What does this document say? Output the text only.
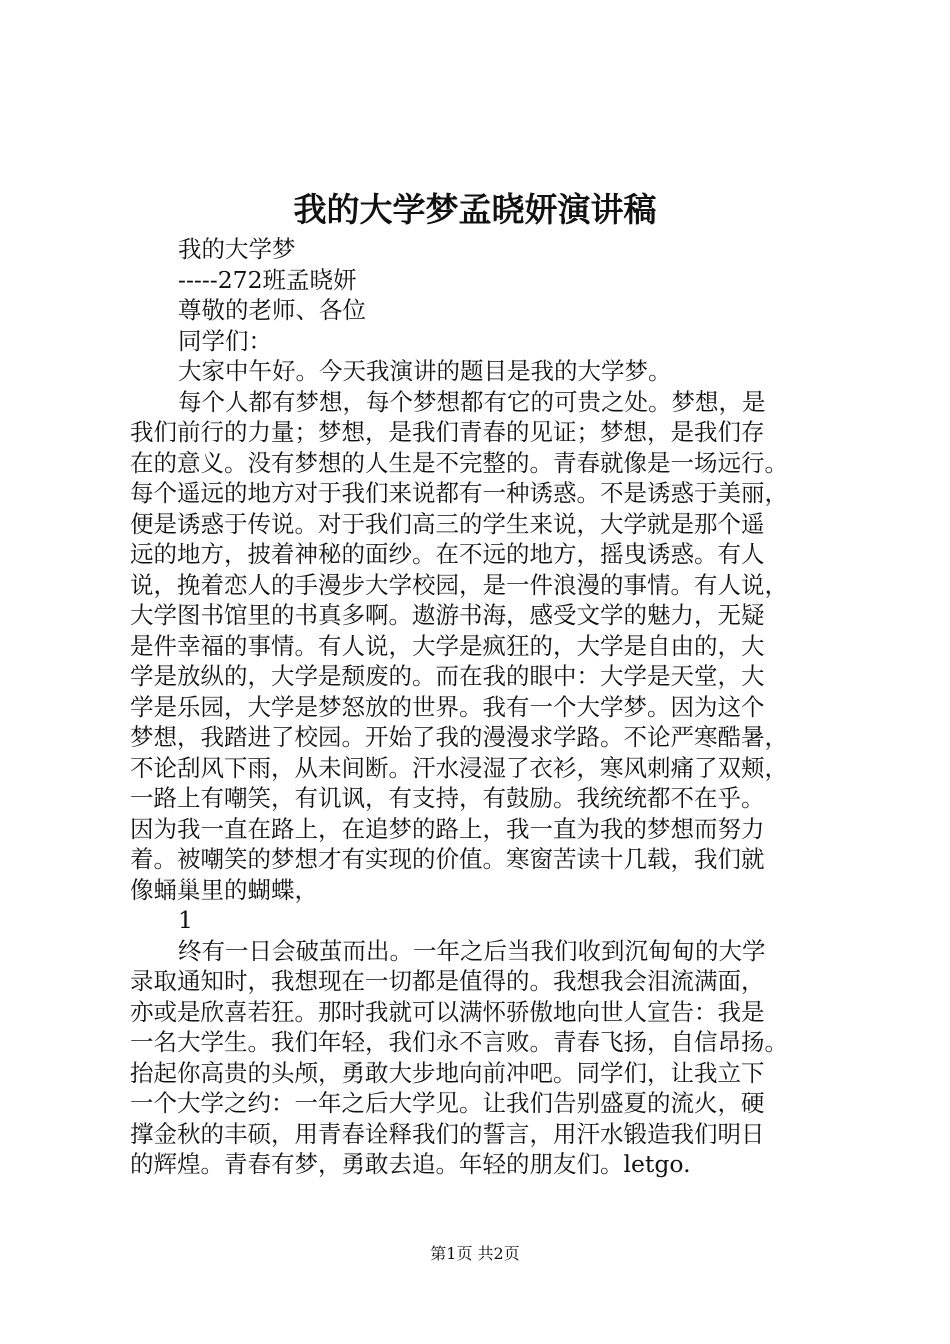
我的大学梦孟晓妍演讲稿
我的大学梦
-----272班孟晓妍
尊敬的老师、各位
同学们：
大家中午好。今天我演讲的题目是我的大学梦。
每个人都有梦想，每个梦想都有它的可贵之处。梦想，是
我们前行的力量；梦想，是我们青春的见证；梦想，是我们存
在的意义。没有梦想的人生是不完整的。青春就像是一场远行。
每个遥远的地方对于我们来说都有一种诱惑。不是诱惑于美丽，
便是诱惑于传说。对于我们高三的学生来说，大学就是那个遥
远的地方，披着神秘的面纱。在不远的地方，摇曳诱惑。有人
说，挽着恋人的手漫步大学校园，是一件浪漫的事情。有人说，
大学图书馆里的书真多啊。遨游书海，感受文学的魅力，无疑
是件幸福的事情。有人说，大学是疯狂的，大学是自由的，大
学是放纵的，大学是颓废的。而在我的眼中：大学是天堂，大
学是乐园，大学是梦怒放的世界。我有一个大学梦。因为这个
梦想，我踏进了校园。开始了我的漫漫求学路。不论严寒酷暑，
不论刮风下雨，从未间断。汗水浸湿了衣衫，寒风刺痛了双颊，
一路上有嘲笑，有讥讽，有支持，有鼓励。我统统都不在乎。
因为我一直在路上，在追梦的路上，我一直为我的梦想而努力
着。被嘲笑的梦想才有实现的价值。寒窗苦读十几载，我们就
像蛹巢里的蝴蝶，
1
终有一日会破茧而出。一年之后当我们收到沉甸甸的大学
录取通知时，我想现在一切都是值得的。我想我会泪流满面，
亦或是欣喜若狂。那时我就可以满怀骄傲地向世人宣告：我是
一名大学生。我们年轻，我们永不言败。青春飞扬，自信昂扬。
抬起你高贵的头颅，勇敢大步地向前冲吧。同学们，让我立下
一个大学之约：一年之后大学见。让我们告别盛夏的流火，硬
撑金秋的丰硕，用青春诠释我们的誓言，用汗水锻造我们明日
的辉煌。青春有梦，勇敢去追。年轻的朋友们。letgo.
第1页 共2页
